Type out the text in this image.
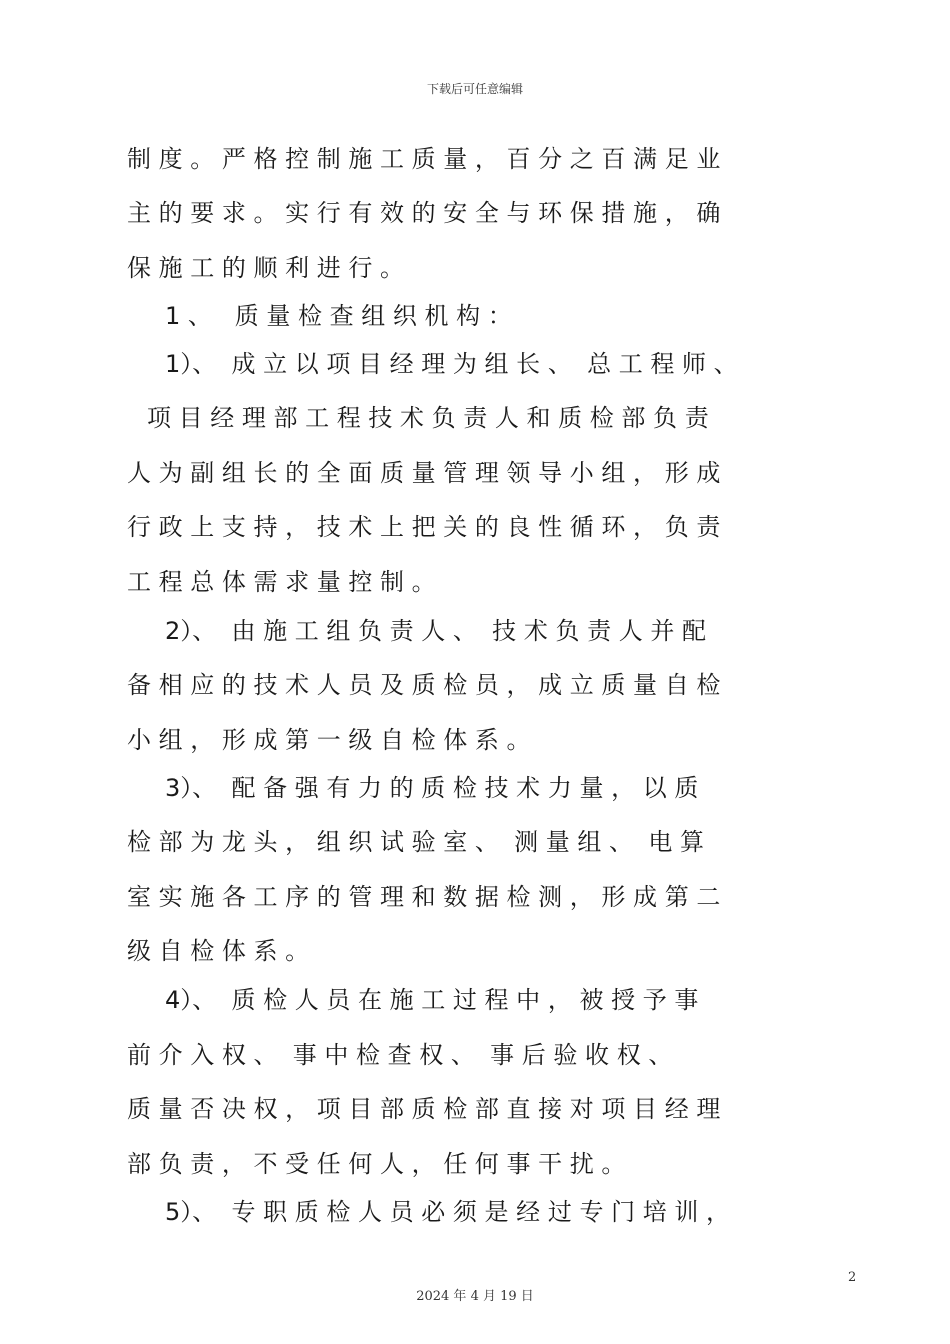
下载后可任意编辑
制 度 。 严 格 控 制 施 工 质 量 ， 百 分 之 百 满 足 业
主 的 要 求 。 实 行 有 效 的 安 全 与 环 保 措 施 ， 确
保 施 工 的 顺 利 进 行 。
1 、   质 量 检 查 组 织 机 构 ：
1）、  成 立 以 项 目 经 理 为 组 长 、  总 工 程 师 、
项 目 经 理 部 工 程 技 术 负 责 人 和 质 检 部 负 责
人 为 副 组 长 的 全 面 质 量 管 理 领 导 小 组 ， 形 成
行 政 上 支 持 ， 技 术 上 把 关 的 良 性 循 环 ， 负 责
工 程 总 体 需 求 量 控 制 。
2）、  由 施 工 组 负 责 人 、  技 术 负 责 人 并 配
备 相 应 的 技 术 人 员 及 质 检 员 ， 成 立 质 量 自 检
小 组 ， 形 成 第 一 级 自 检 体 系 。
3）、  配 备 强 有 力 的 质 检 技 术 力 量 ， 以 质
检 部 为 龙 头 ， 组 织 试 验 室 、  测 量 组 、  电 算
室 实 施 各 工 序 的 管 理 和 数 据 检 测 ， 形 成 第 二
级 自 检 体 系 。
4）、  质 检 人 员 在 施 工 过 程 中 ， 被 授 予 事
前 介 入 权 、  事 中 检 查 权 、  事 后 验 收 权 、
质 量 否 决 权 ， 项 目 部 质 检 部 直 接 对 项 目 经 理
部 负 责 ， 不 受 任 何 人 ， 任 何 事 干 扰 。
5）、  专 职 质 检 人 员 必 须 是 经 过 专 门 培 训 ，
2
2024 年 4 月 19 日
